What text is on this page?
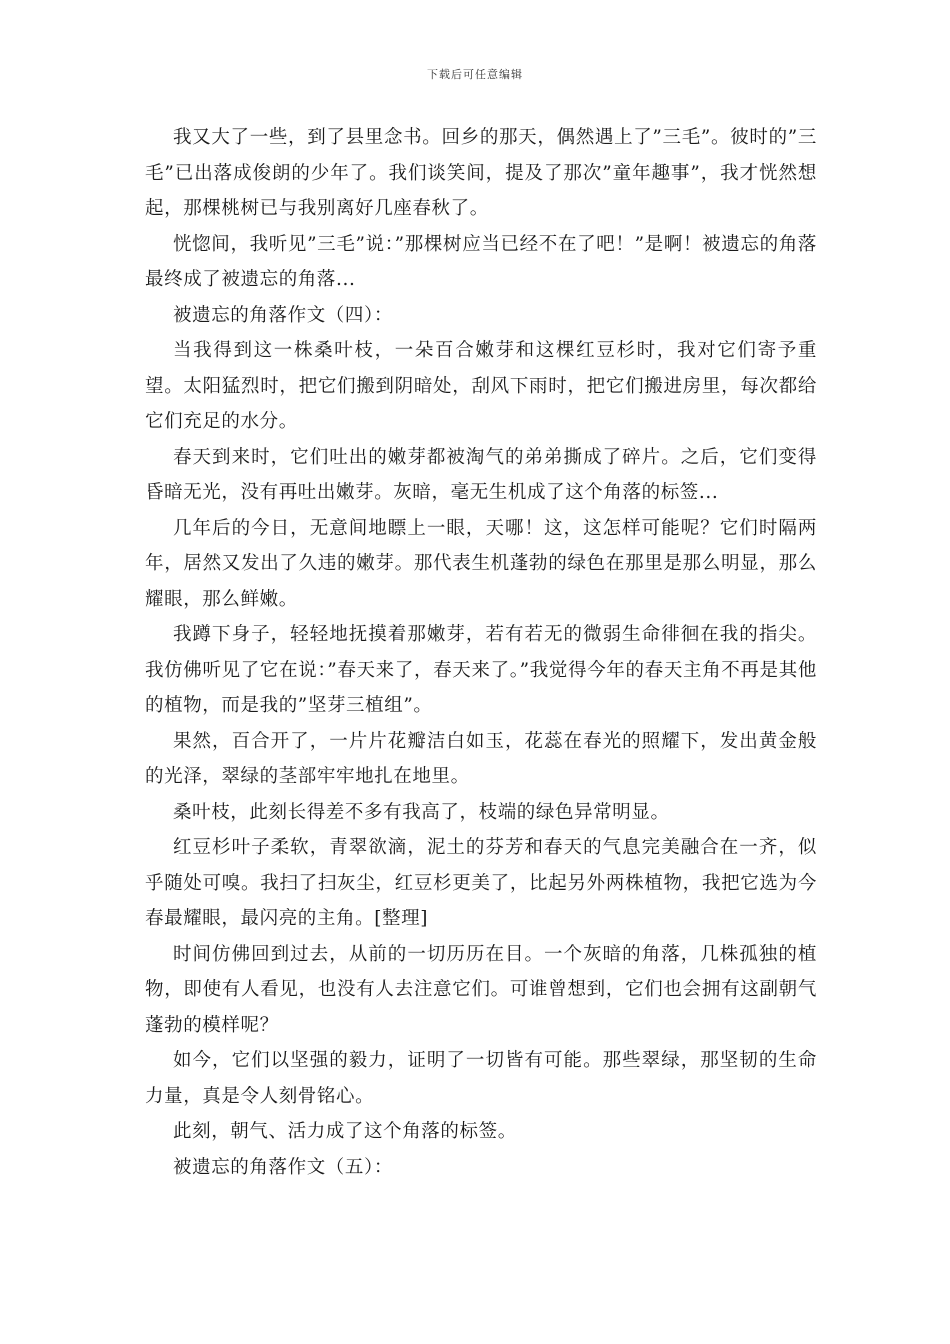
下载后可任意编辑

我又大了一些，到了县里念书。回乡的那天，偶然遇上了”三毛”。彼时的”三毛”已出落成俊朗的少年了。我们谈笑间，提及了那次”童年趣事”，我才恍然想起，那棵桃树已与我别离好几座春秋了。

恍惚间，我听见”三毛”说：”那棵树应当已经不在了吧！”是啊！被遗忘的角落最终成了被遗忘的角落...

被遗忘的角落作文（四）：

当我得到这一株桑叶枝，一朵百合嫩芽和这棵红豆杉时，我对它们寄予重望。太阳猛烈时，把它们搬到阴暗处，刮风下雨时，把它们搬进房里，每次都给它们充足的水分。

春天到来时，它们吐出的嫩芽都被淘气的弟弟撕成了碎片。之后，它们变得昏暗无光，没有再吐出嫩芽。灰暗，毫无生机成了这个角落的标签...

几年后的今日，无意间地瞟上一眼，天哪！这，这怎样可能呢？它们时隔两年，居然又发出了久违的嫩芽。那代表生机蓬勃的绿色在那里是那么明显，那么耀眼，那么鲜嫩。

我蹲下身子，轻轻地抚摸着那嫩芽，若有若无的微弱生命徘徊在我的指尖。我仿佛听见了它在说：”春天来了，春天来了。”我觉得今年的春天主角不再是其他的植物，而是我的”坚芽三植组”。

果然，百合开了，一片片花瓣洁白如玉，花蕊在春光的照耀下，发出黄金般的光泽，翠绿的茎部牢牢地扎在地里。

桑叶枝，此刻长得差不多有我高了，枝端的绿色异常明显。

红豆杉叶子柔软，青翠欲滴，泥土的芬芳和春天的气息完美融合在一齐，似乎随处可嗅。我扫了扫灰尘，红豆杉更美了，比起另外两株植物，我把它选为今春最耀眼，最闪亮的主角。[整理]

时间仿佛回到过去，从前的一切历历在目。一个灰暗的角落，几株孤独的植物，即使有人看见，也没有人去注意它们。可谁曾想到，它们也会拥有这副朝气蓬勃的模样呢？

如今，它们以坚强的毅力，证明了一切皆有可能。那些翠绿，那坚韧的生命力量，真是令人刻骨铭心。

此刻，朝气、活力成了这个角落的标签。

被遗忘的角落作文（五）：
